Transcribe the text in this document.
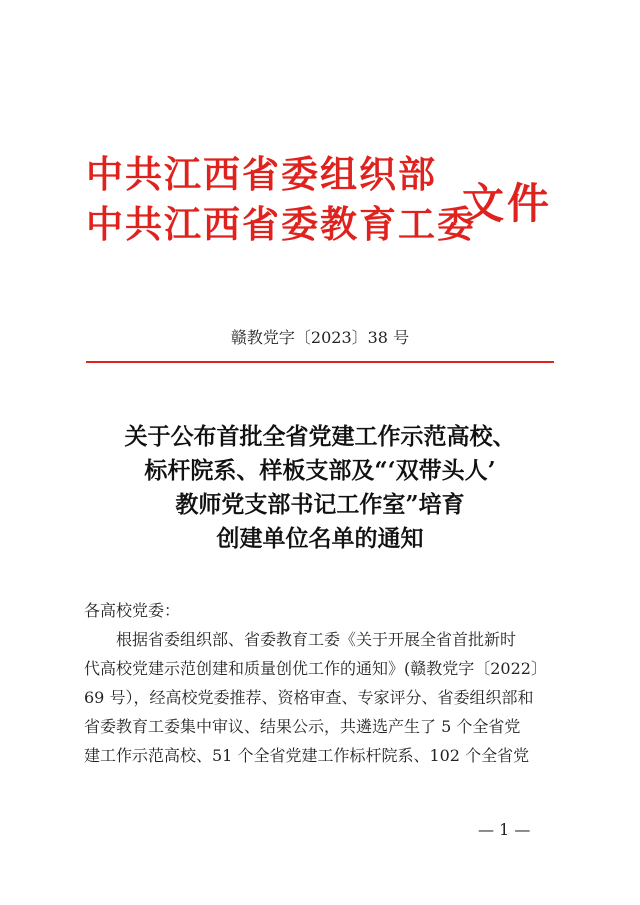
中共江西省委组织部
中共江西省委教育工委
文件
赣教党字〔2023〕38 号
关于公布首批全省党建工作示范高校、
标杆院系、样板支部及“‘双带头人’
教师党支部书记工作室”培育
创建单位名单的通知

各高校党委：

根据省委组织部、省委教育工委《关于开展全省首批新时

代高校党建示范创建和质量创优工作的通知》(赣教党字〔2022〕

69 号），经高校党委推荐、资格审查、专家评分、省委组织部和

省委教育工委集中审议、结果公示，共遴选产生了 5 个全省党

建工作示范高校、51 个全省党建工作标杆院系、102 个全省党

— 1 —
